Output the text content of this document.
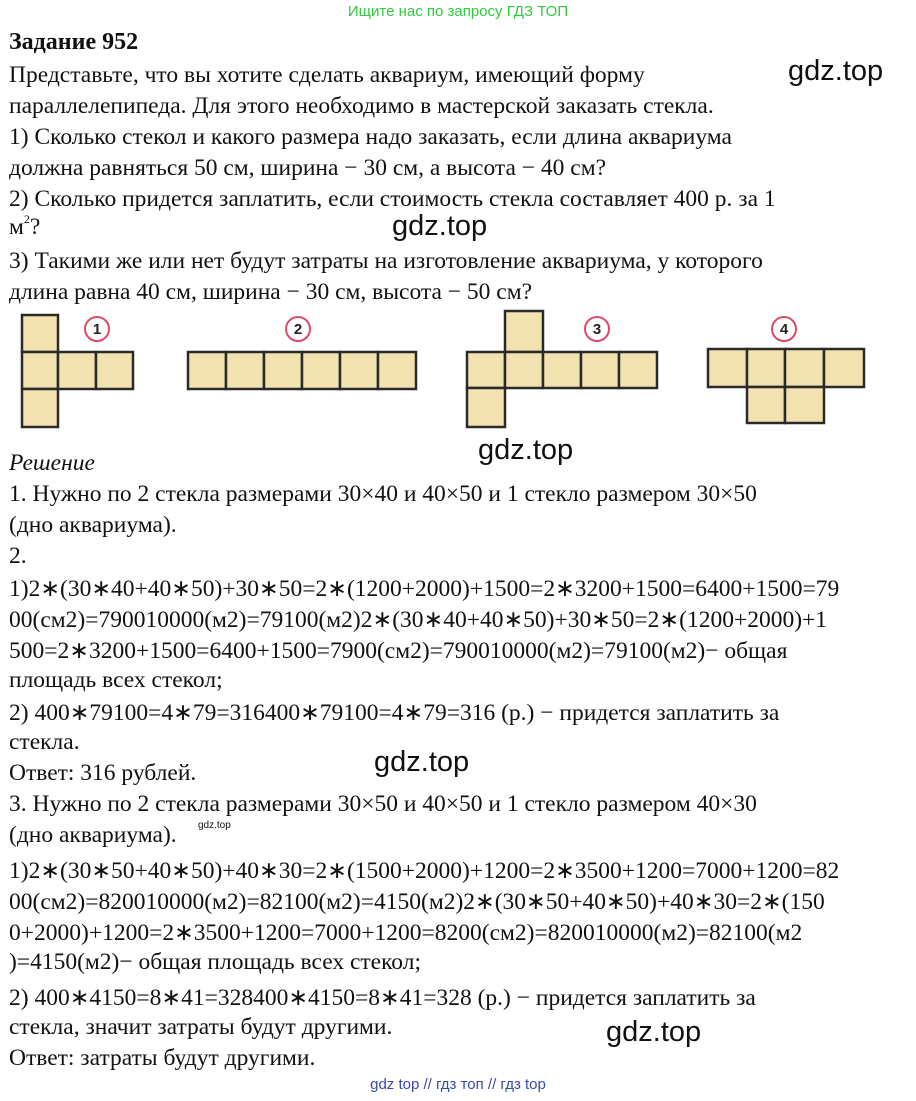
Ищите нас по запросу ГДЗ ТОП
Задание 952
Представьте, что вы хотите сделать аквариум, имеющий форму
параллелепипеда. Для этого необходимо в мастерской заказать стекла.
1) Сколько стекол и какого размера надо заказать, если длина аквариума
должна равняться 50 см, ширина − 30 см, а высота − 40 см?
2) Сколько придется заплатить, если стоимость стекла составляет 400 р. за 1
$м^2$?
3) Такими же или нет будут затраты на изготовление аквариума, у которого
длина равна 40 см, ширина − 30 см, высота − 50 см?
1	2	3	4
Решение
1. Нужно по 2 стекла размерами 30×40 и 40×50 и 1 стекло размером 30×50
(дно аквариума).
2.
1)2∗(30∗40+40∗50)+30∗50=2∗(1200+2000)+1500=2∗3200+1500=6400+1500=79
00(см2)=790010000(м2)=79100(м2)2∗(30∗40+40∗50)+30∗50=2∗(1200+2000)+1
500=2∗3200+1500=6400+1500=7900(см2)=790010000(м2)=79100(м2)− общая
площадь всех стекол;
2) 400∗79100=4∗79=316400∗79100=4∗79=316 (р.) − придется заплатить за
стекла.
Ответ: 316 рублей.
3. Нужно по 2 стекла размерами 30×50 и 40×50 и 1 стекло размером 40×30
(дно аквариума).
1)2∗(30∗50+40∗50)+40∗30=2∗(1500+2000)+1200=2∗3500+1200=7000+1200=82
00(см2)=820010000(м2)=82100(м2)=4150(м2)2∗(30∗50+40∗50)+40∗30=2∗(150
0+2000)+1200=2∗3500+1200=7000+1200=8200(см2)=820010000(м2)=82100(м2
)=4150(м2)− общая площадь всех стекол;
2) 400∗4150=8∗41=328400∗4150=8∗41=328 (р.) − придется заплатить за
стекла, значит затраты будут другими.
Ответ: затраты будут другими.
gdz.top
gdz.top
gdz.top
gdz.top
gdz.top
gdz.top
gdz top // гдз топ // гдз top
